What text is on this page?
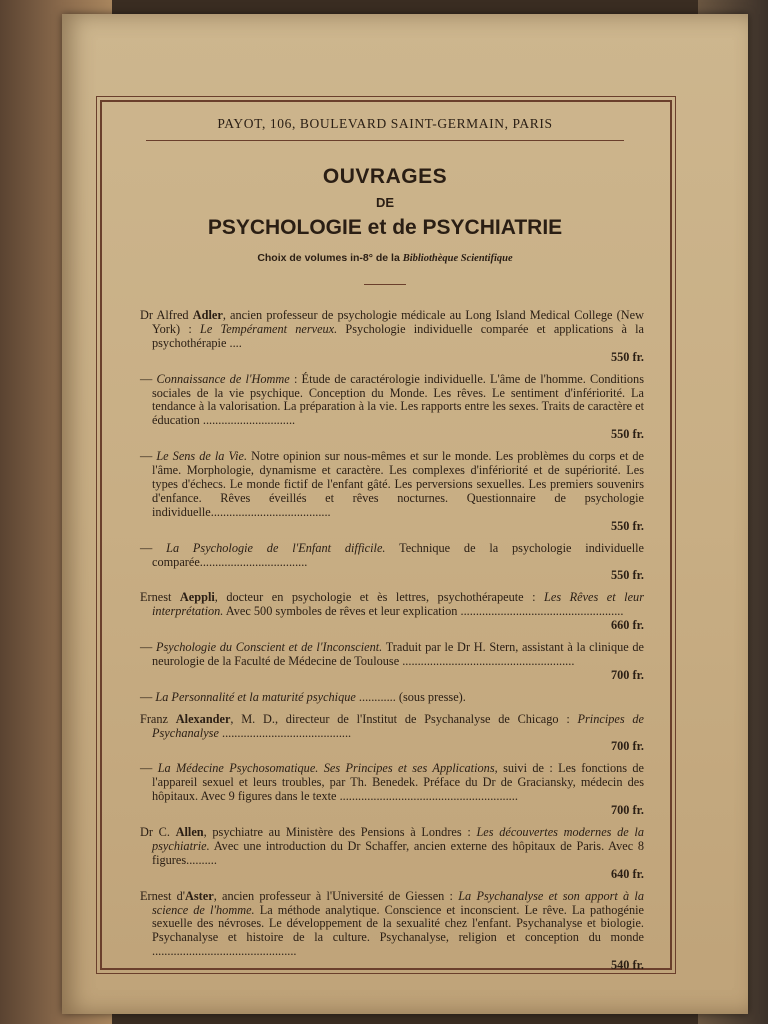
PAYOT, 106, BOULEVARD SAINT-GERMAIN, PARIS
OUVRAGES
DE
PSYCHOLOGIE et de PSYCHIATRIE
Choix de volumes in-8° de la Bibliothèque Scientifique
Dr Alfred Adler, ancien professeur de psychologie médicale au Long Island Medical College (New York) : Le Tempérament nerveux. Psychologie individuelle comparée et applications à la psychothérapie ....
550 fr.
— Connaissance de l'Homme : Étude de caractérologie individuelle. L'âme de l'homme. Conditions sociales de la vie psychique. Conception du Monde. Les rêves. Le sentiment d'infériorité. La tendance à la valorisation. La préparation à la vie. Les rapports entre les sexes. Traits de caractère et éducation ..............................
550 fr.
— Le Sens de la Vie. Notre opinion sur nous-mêmes et sur le monde. Les problèmes du corps et de l'âme. Morphologie, dynamisme et caractère. Les complexes d'infériorité et de supériorité. Les types d'échecs. Le monde fictif de l'enfant gâté. Les perversions sexuelles. Les premiers souvenirs d'enfance. Rêves éveillés et rêves nocturnes. Questionnaire de psychologie individuelle.......................................
550 fr.
— La Psychologie de l'Enfant difficile. Technique de la psychologie individuelle comparée...................................
550 fr.
Ernest Aeppli, docteur en psychologie et ès lettres, psychothérapeute : Les Rêves et leur interprétation. Avec 500 symboles de rêves et leur explication .....................................................
660 fr.
— Psychologie du Conscient et de l'Inconscient. Traduit par le Dr H. Stern, assistant à la clinique de neurologie de la Faculté de Médecine de Toulouse ........................................................
700 fr.
— La Personnalité et la maturité psychique ............ (sous presse).
Franz Alexander, M. D., directeur de l'Institut de Psychanalyse de Chicago : Principes de Psychanalyse ..........................................
700 fr.
— La Médecine Psychosomatique. Ses Principes et ses Applications, suivi de : Les fonctions de l'appareil sexuel et leurs troubles, par Th. Benedek. Préface du Dr de Graciansky, médecin des hôpitaux. Avec 9 figures dans le texte ..........................................................
700 fr.
Dr C. Allen, psychiatre au Ministère des Pensions à Londres : Les découvertes modernes de la psychiatrie. Avec une introduction du Dr Schaffer, ancien externe des hôpitaux de Paris. Avec 8 figures..........
640 fr.
Ernest d'Aster, ancien professeur à l'Université de Giessen : La Psychanalyse et son apport à la science de l'homme. La méthode analytique. Conscience et inconscient. Le rêve. La pathogénie sexuelle des névroses. Le développement de la sexualité chez l'enfant. Psychanalyse et biologie. Psychanalyse et histoire de la culture. Psychanalyse, religion et conception du monde ...............................................
540 fr.
